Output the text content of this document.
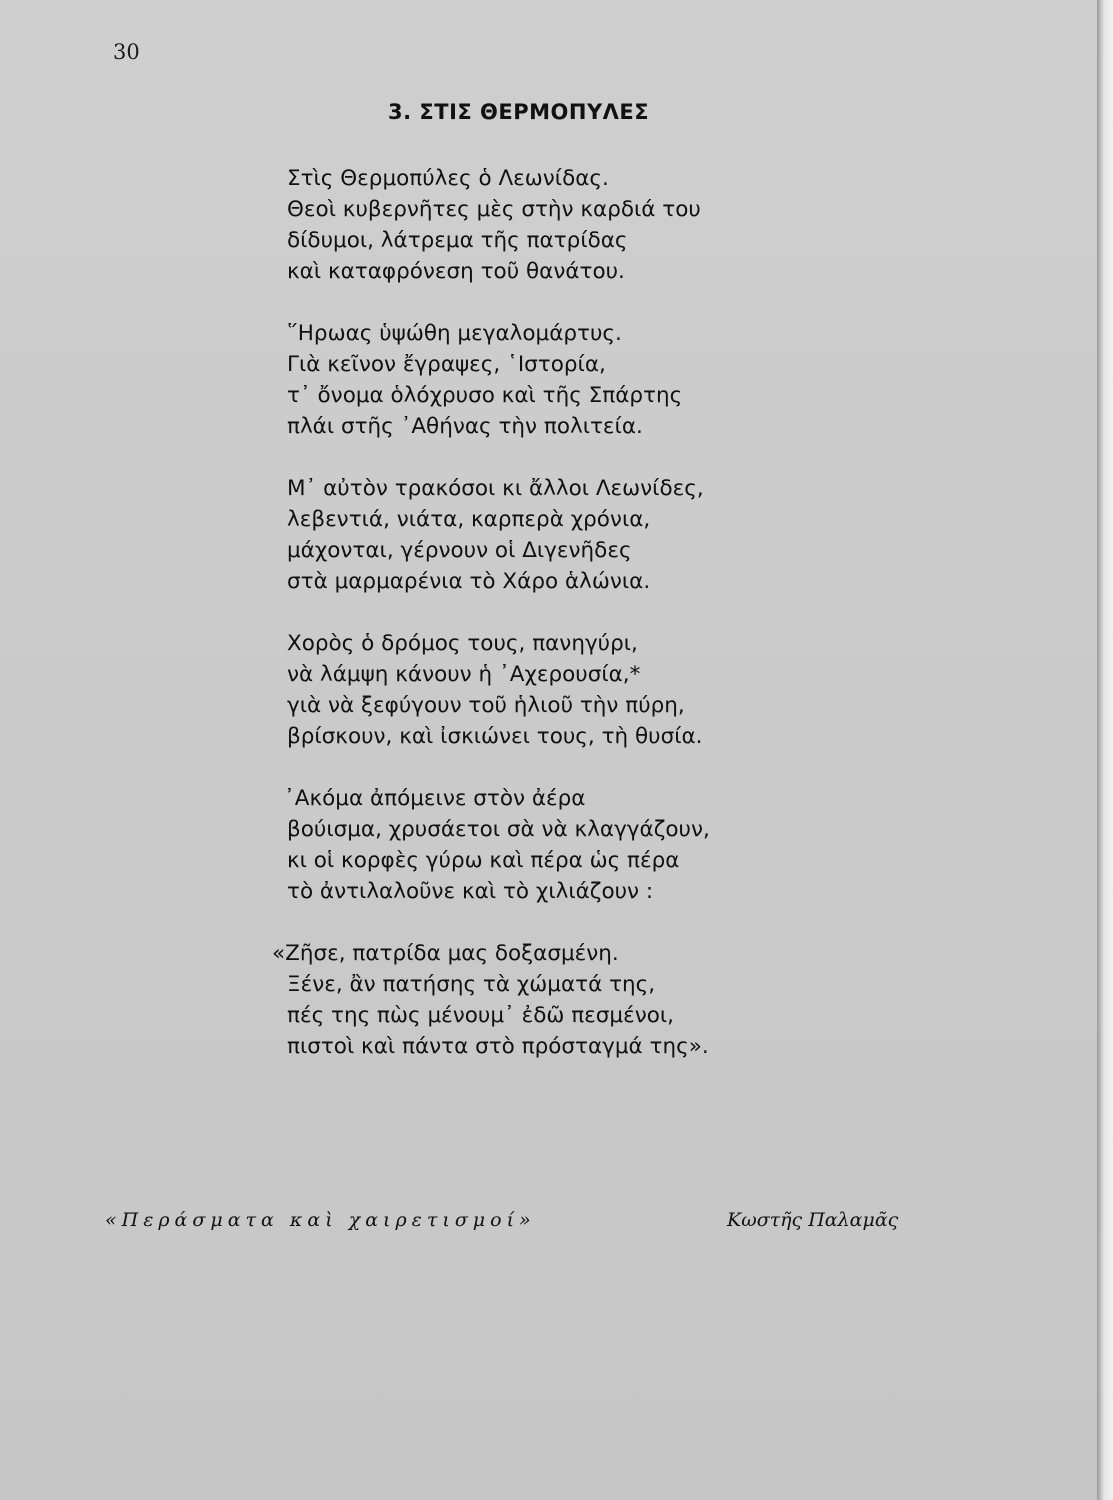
30
3. ΣΤΙΣ ΘΕΡΜΟΠΥΛΕΣ
Στὶς Θερμοπύλες ὁ Λεωνίδας.
Θεοὶ κυβερνῆτες μὲς στὴν καρδιά του
δίδυμοι, λάτρεμα τῆς πατρίδας
καὶ καταφρόνεση τοῦ θανάτου.
῞Ηρωας ὑψώθη μεγαλομάρτυς.
Γιὰ κεῖνον ἔγραψες, ῾Ιστορία,
τ᾽ ὄνομα ὁλόχρυσο καὶ τῆς Σπάρτης
πλάι στῆς ᾽Αθήνας τὴν πολιτεία.
Μ᾽ αὐτὸν τρακόσοι κι ἄλλοι Λεωνίδες,
λεβεντιά, νιάτα, καρπερὰ χρόνια,
μάχονται, γέρνουν οἱ Διγενῆδες
στὰ μαρμαρένια τὸ Χάρο ἁλώνια.
Χορὸς ὁ δρόμος τους, πανηγύρι,
νὰ λάμψη κάνουν ἡ ᾽Αχερουσία,*
γιὰ νὰ ξεφύγουν τοῦ ἡλιοῦ τὴν πύρη,
βρίσκουν, καὶ ἰσκιώνει τους, τὴ θυσία.
᾽Ακόμα ἀπόμεινε στὸν ἀέρα
βούισμα, χρυσάετοι σὰ νὰ κλαγγάζουν,
κι οἱ κορφὲς γύρω καὶ πέρα ὡς πέρα
τὸ ἀντιλαλοῦνε καὶ τὸ χιλιάζουν :
«Ζῆσε, πατρίδα μας δοξασμένη.
Ξένε, ἂν πατήσης τὰ χώματά της,
πές της πὼς μένουμ᾽ ἐδῶ πεσμένοι,
πιστοὶ καὶ πάντα στὸ πρόσταγμά της».
«Περάσματα καὶ χαιρετισμοί»	Κωστῆς Παλαμᾶς
